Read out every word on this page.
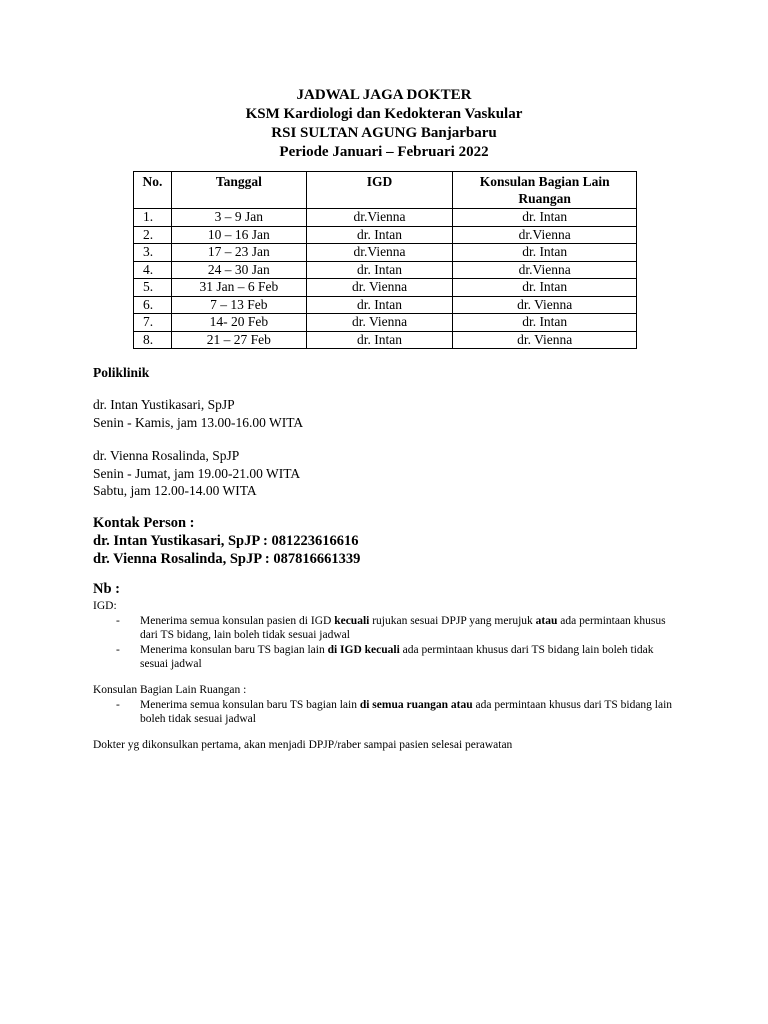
JADWAL JAGA DOKTER
KSM Kardiologi dan Kedokteran Vaskular
RSI SULTAN AGUNG Banjarbaru
Periode Januari – Februari 2022
No.	Tanggal	IGD	Konsulan Bagian Lain Ruangan
1.	3 – 9 Jan	dr.Vienna	dr. Intan
2.	10 – 16 Jan	dr. Intan	dr.Vienna
3.	17 – 23 Jan	dr.Vienna	dr. Intan
4.	24 – 30 Jan	dr. Intan	dr.Vienna
5.	31 Jan – 6 Feb	dr. Vienna	dr. Intan
6.	7 – 13 Feb	dr. Intan	dr. Vienna
7.	14- 20 Feb	dr. Vienna	dr. Intan
8.	21 – 27 Feb	dr. Intan	dr. Vienna
Poliklinik
dr. Intan Yustikasari, SpJP
Senin - Kamis, jam 13.00-16.00 WITA
dr. Vienna Rosalinda, SpJP
Senin - Jumat, jam 19.00-21.00 WITA
Sabtu, jam 12.00-14.00 WITA
Kontak Person :
dr. Intan Yustikasari, SpJP : 081223616616
dr. Vienna Rosalinda, SpJP : 087816661339
Nb :
IGD:
- Menerima semua konsulan pasien di IGD kecuali rujukan sesuai DPJP yang merujuk atau ada permintaan khusus dari TS bidang, lain boleh tidak sesuai jadwal
- Menerima konsulan baru TS bagian lain di IGD kecuali ada permintaan khusus dari TS bidang lain boleh tidak sesuai jadwal
Konsulan Bagian Lain Ruangan :
- Menerima semua konsulan baru TS bagian lain di semua ruangan atau ada permintaan khusus dari TS bidang lain boleh tidak sesuai jadwal
Dokter yg dikonsulkan pertama, akan menjadi DPJP/raber sampai pasien selesai perawatan
